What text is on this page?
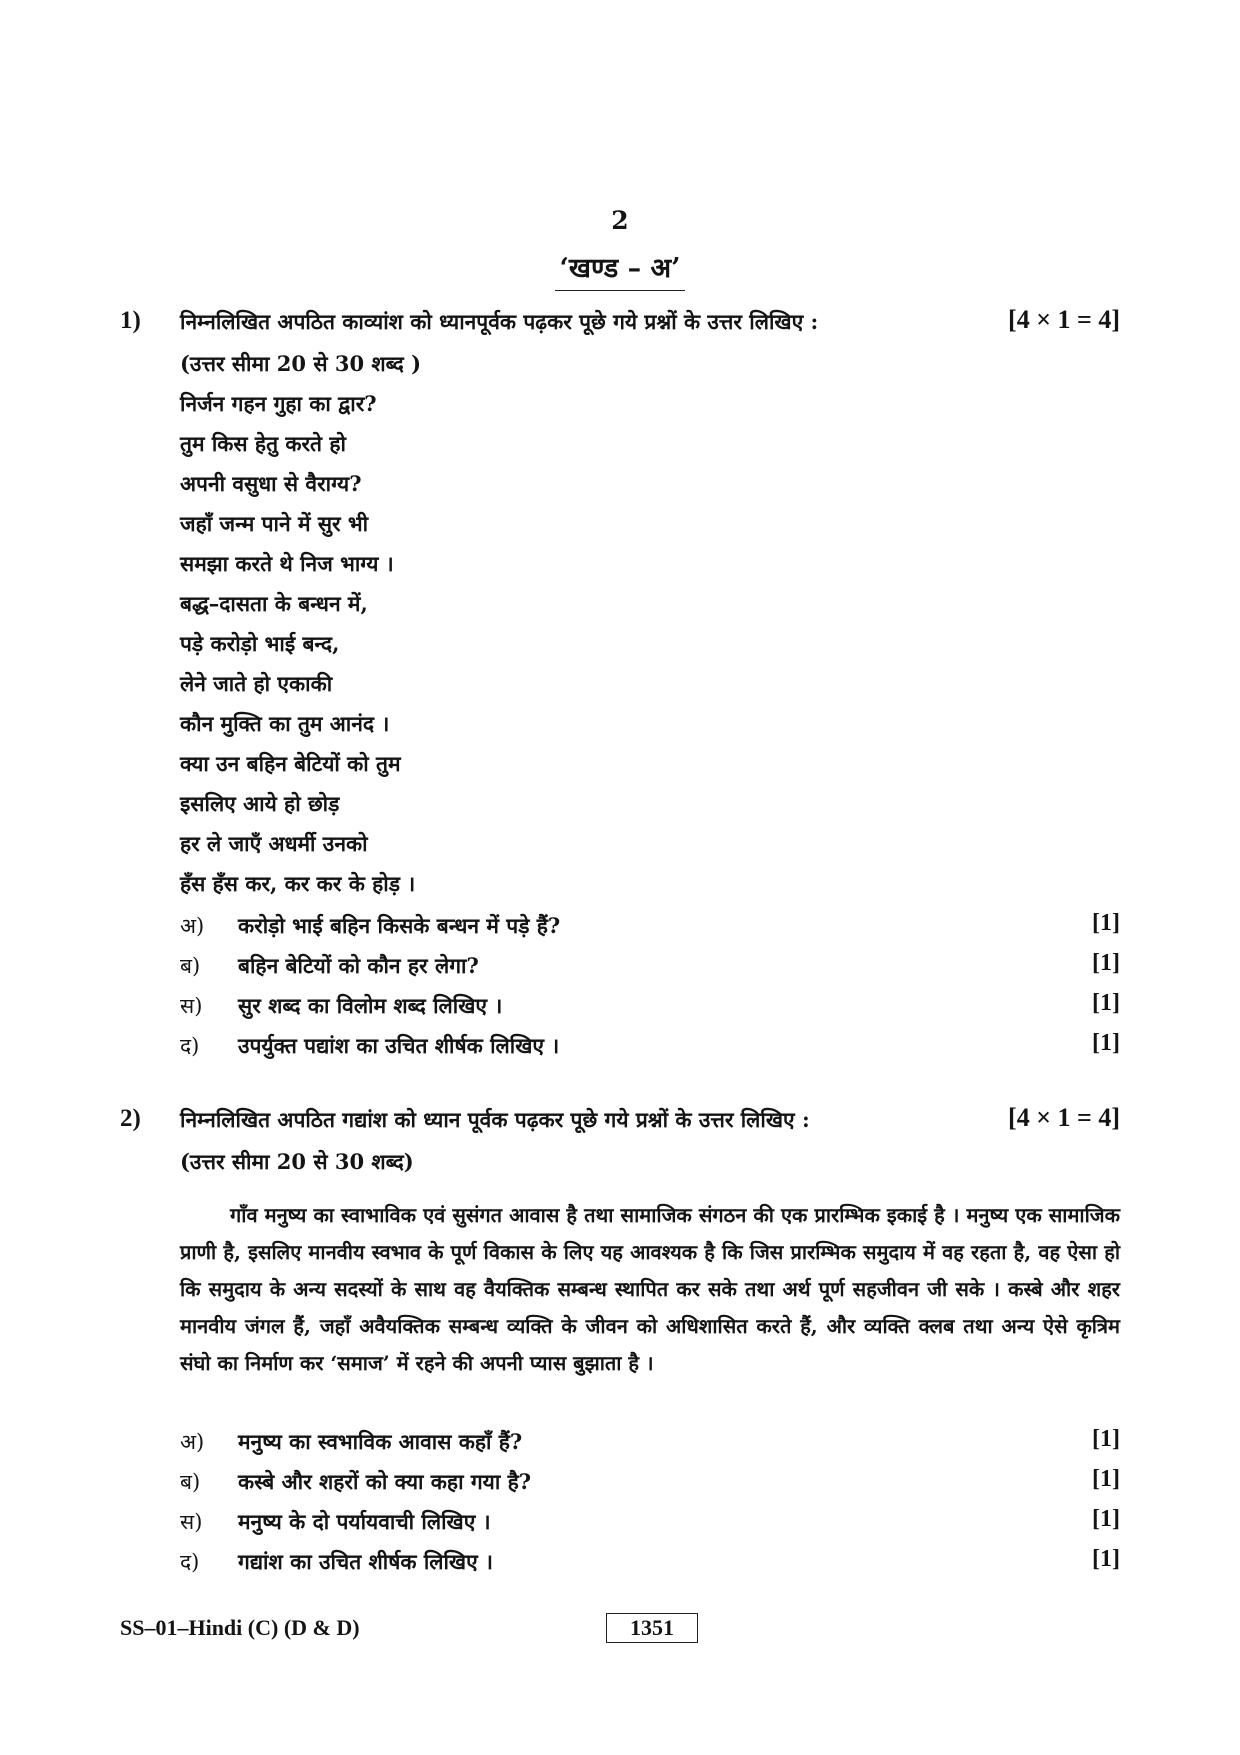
2
‘खण्ड – अ’
1) निम्नलिखित अपठित काव्यांश को ध्यानपूर्वक पढ़कर पूछे गये प्रश्नों के उत्तर लिखिए :	[4 × 1 = 4]
(उत्तर सीमा 20 से 30 शब्द )
निर्जन गहन गुहा का द्वार?
तुम किस हेतु करते हो
अपनी वसुधा से वैराग्य?
जहाँ जन्म पाने में सुर भी
समझा करते थे निज भाग्य ।
बद्ध–दासता के बन्धन में,
पड़े करोड़ो भाई बन्द,
लेने जाते हो एकाकी
कौन मुक्ति का तुम आनंद ।
क्या उन बहिन बेटियों को तुम
इसलिए आये हो छोड़
हर ले जाएँ अधर्मी उनको
हँस हँस कर, कर कर के होड़ ।
अ)	करोड़ो भाई बहिन किसके बन्धन में पड़े हैं?	[1]
ब)	बहिन बेटियों को कौन हर लेगा?	[1]
स)	सुर शब्द का विलोम शब्द लिखिए ।	[1]
द)	उपर्युक्त पद्यांश का उचित शीर्षक लिखिए ।	[1]
2) निम्नलिखित अपठित गद्यांश को ध्यान पूर्वक पढ़कर पूछे गये प्रश्नों के उत्तर लिखिए :	[4 × 1 = 4]
(उत्तर सीमा 20 से 30 शब्द)

गाँव मनुष्य का स्वाभाविक एवं सुसंगत आवास है तथा सामाजिक संगठन की एक प्रारम्भिक इकाई है । मनुष्य एक सामाजिक प्राणी है, इसलिए मानवीय स्वभाव के पूर्ण विकास के लिए यह आवश्यक है कि जिस प्रारम्भिक समुदाय में वह रहता है, वह ऐसा हो कि समुदाय के अन्य सदस्यों के साथ वह वैयक्तिक सम्बन्ध स्थापित कर सके तथा अर्थ पूर्ण सहजीवन जी सके । कस्बे और शहर मानवीय जंगल हैं, जहाँ अवैयक्तिक सम्बन्ध व्यक्ति के जीवन को अधिशासित करते हैं, और व्यक्ति क्लब तथा अन्य ऐसे कृत्रिम संघो का निर्माण कर ‘समाज’ में रहने की अपनी प्यास बुझाता है ।

अ)	मनुष्य का स्वभाविक आवास कहाँ हैं?	[1]
ब)	कस्बे और शहरों को क्या कहा गया है?	[1]
स)	मनुष्य के दो पर्यायवाची लिखिए ।	[1]
द)	गद्यांश का उचित शीर्षक लिखिए ।	[1]
SS–01–Hindi (C) (D & D)	1351
